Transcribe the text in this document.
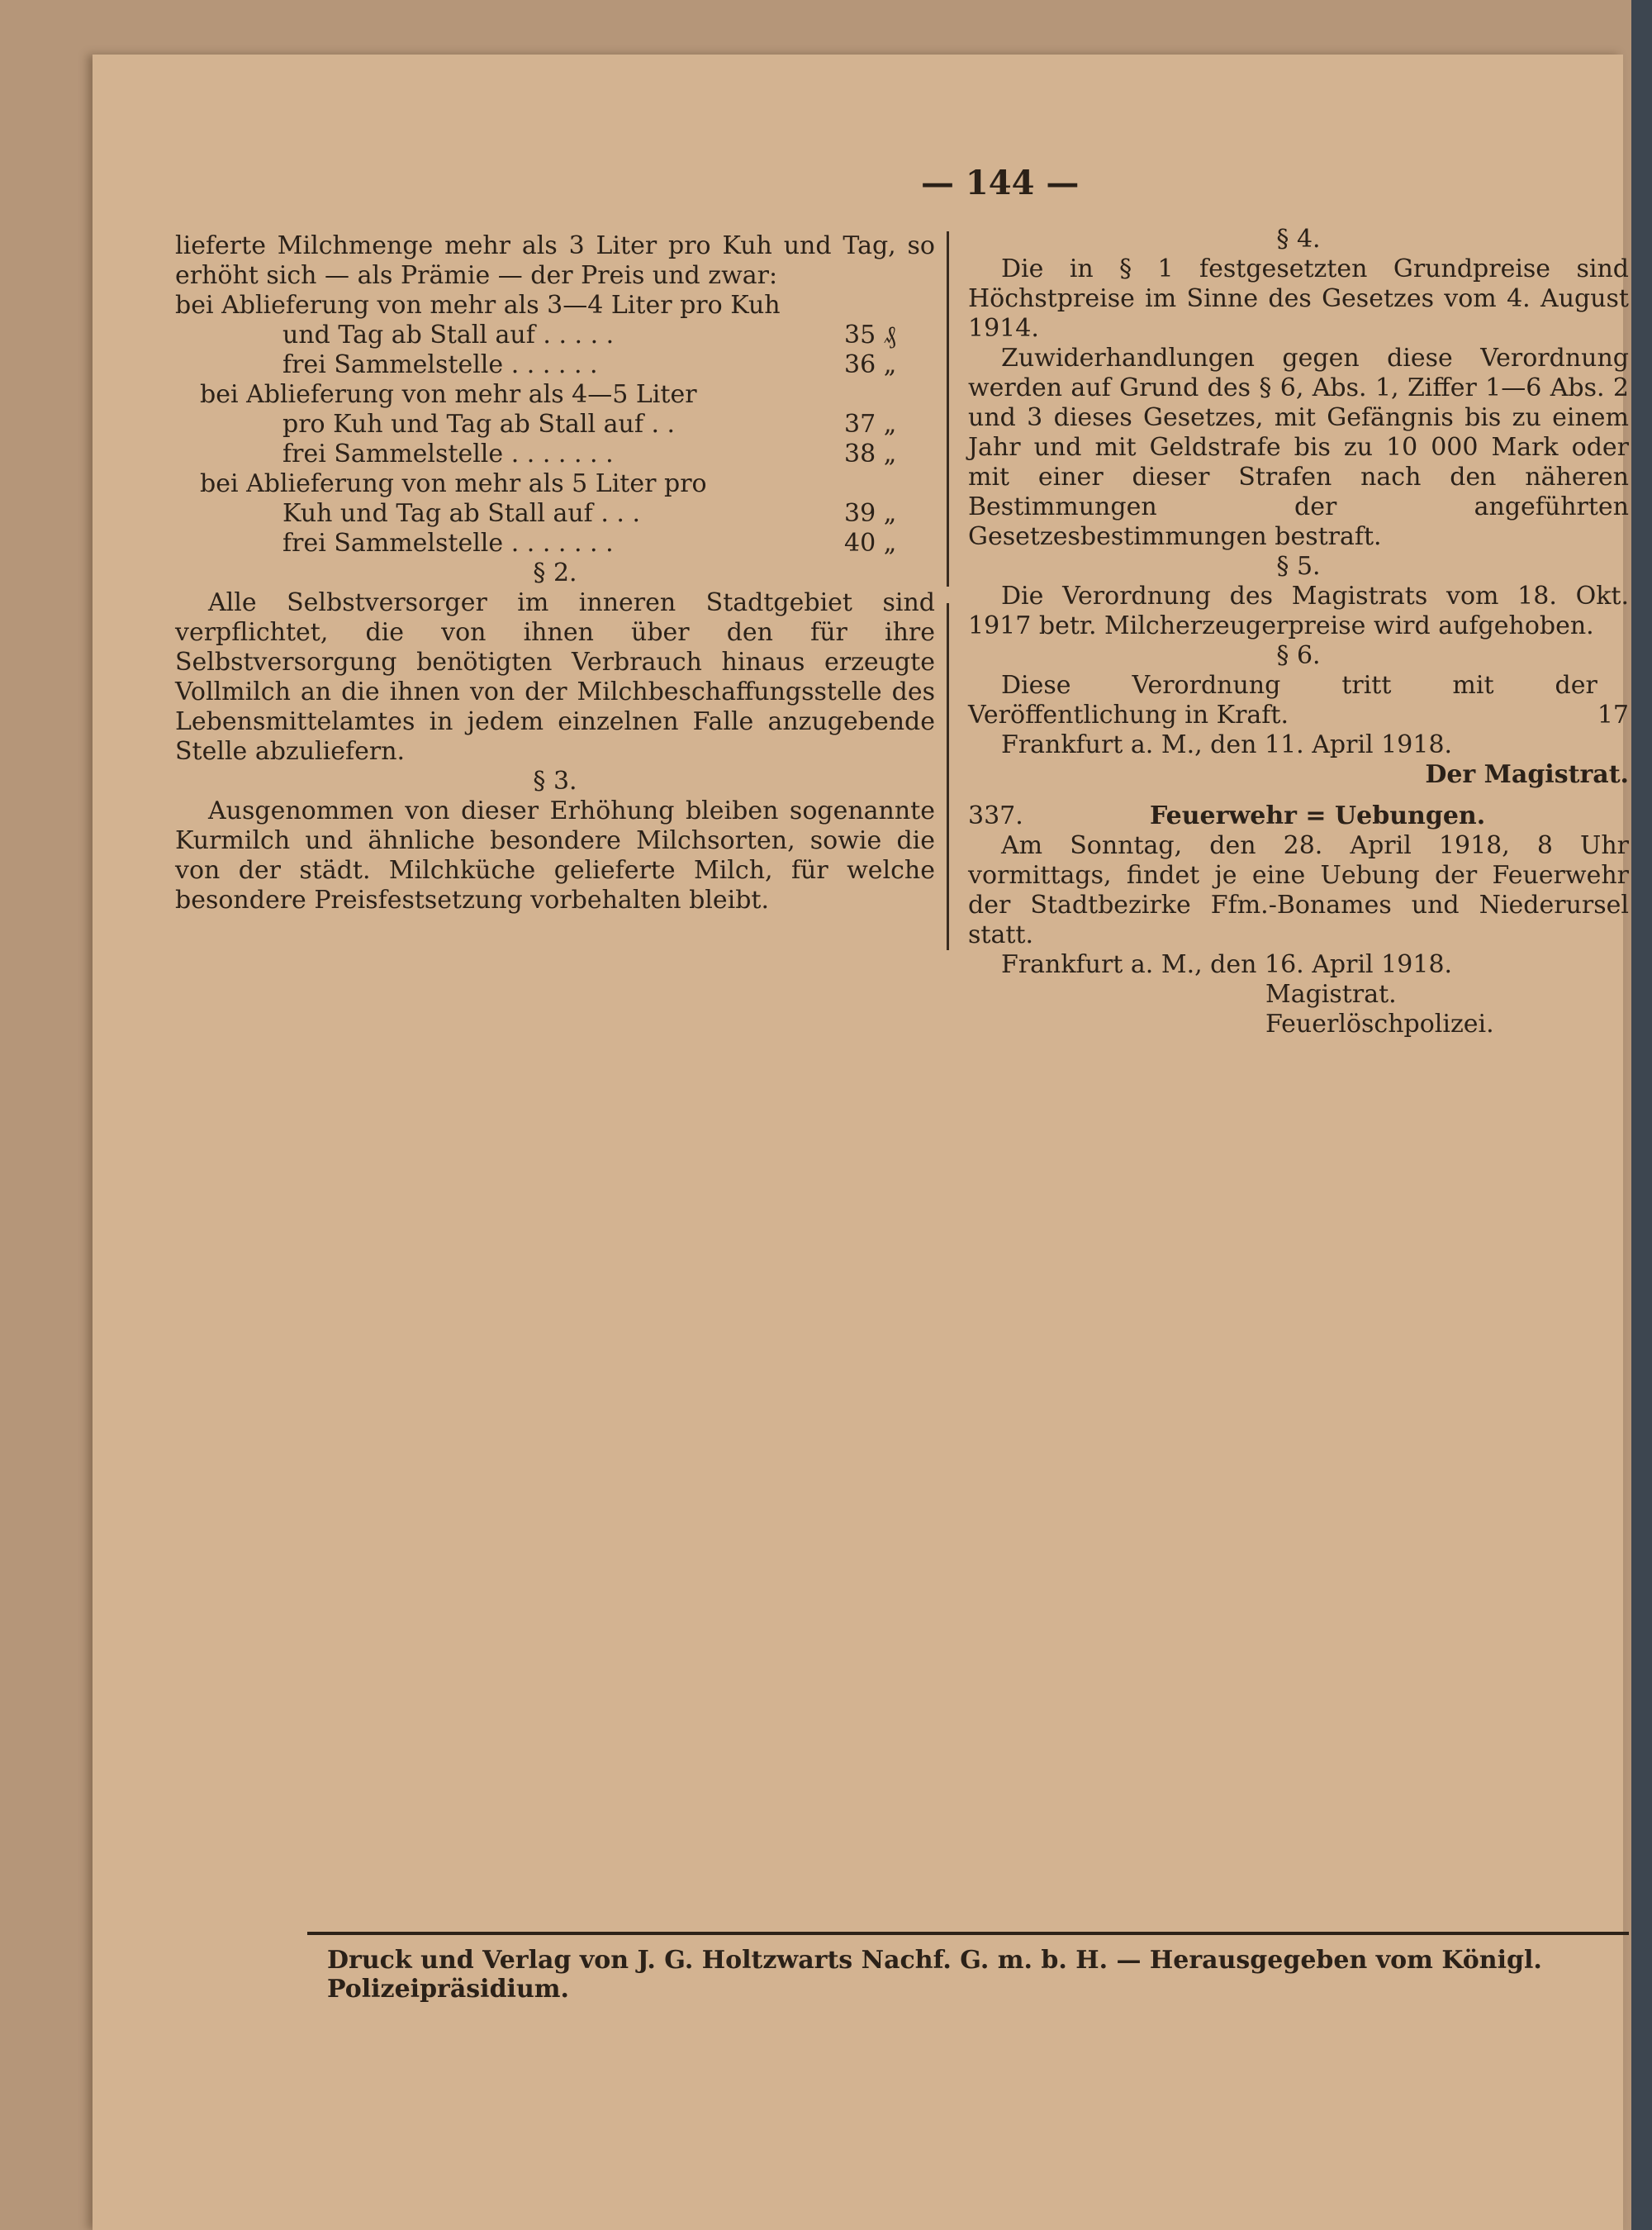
— 144 —

lieferte Milchmenge mehr als 3 Liter pro Kuh und Tag, so erhöht sich — als Prämie — der Preis und zwar:

bei Ablieferung von mehr als 3—4 Liter pro Kuh

und Tag ab Stall auf . . . . .	35 ₰
frei Sammelstelle . . . . . .	36 „

bei Ablieferung von mehr als 4—5 Liter

pro Kuh und Tag ab Stall auf . .	37 „
frei Sammelstelle . . . . . . .	38 „

bei Ablieferung von mehr als 5 Liter pro

Kuh und Tag ab Stall auf . . .	39 „
frei Sammelstelle . . . . . . .	40 „

§ 2.

Alle Selbstversorger im inneren Stadtgebiet sind verpflichtet, die von ihnen über den für ihre Selbstversorgung benötigten Verbrauch hinaus erzeugte Vollmilch an die ihnen von der Milchbeschaffungsstelle des Lebensmittelamtes in jedem einzelnen Falle anzugebende Stelle abzuliefern.

§ 3.

Ausgenommen von dieser Erhöhung bleiben sogenannte Kurmilch und ähnliche besondere Milchsorten, sowie die von der städt. Milchküche gelieferte Milch, für welche besondere Preisfestsetzung vorbehalten bleibt.

§ 4.

Die in § 1 festgesetzten Grundpreise sind Höchstpreise im Sinne des Gesetzes vom 4. August 1914.

Zuwiderhandlungen gegen diese Verordnung werden auf Grund des § 6, Abs. 1, Ziffer 1—6 Abs. 2 und 3 dieses Gesetzes, mit Gefängnis bis zu einem Jahr und mit Geldstrafe bis zu 10 000 Mark oder mit einer dieser Strafen nach den näheren Bestimmungen der angeführten Gesetzesbestimmungen bestraft.

§ 5.

Die Verordnung des Magistrats vom 18. Okt. 1917 betr. Milcherzeugerpreise wird aufgehoben.

§ 6.

Diese Verordnung tritt mit der Veröffentlichung in Kraft.	17

Frankfurt a. M., den 11. April 1918.

Der Magistrat.

337.	Feuerwehr = Uebungen.

Am Sonntag, den 28. April 1918, 8 Uhr vormittags, findet je eine Uebung der Feuerwehr der Stadtbezirke Ffm.-Bonames und Niederursel statt.

Frankfurt a. M., den 16. April 1918.

Magistrat. Feuerlöschpolizei.

Druck und Verlag von J. G. Holtzwarts Nachf. G. m. b. H. — Herausgegeben vom Königl. Polizeipräsidium.
